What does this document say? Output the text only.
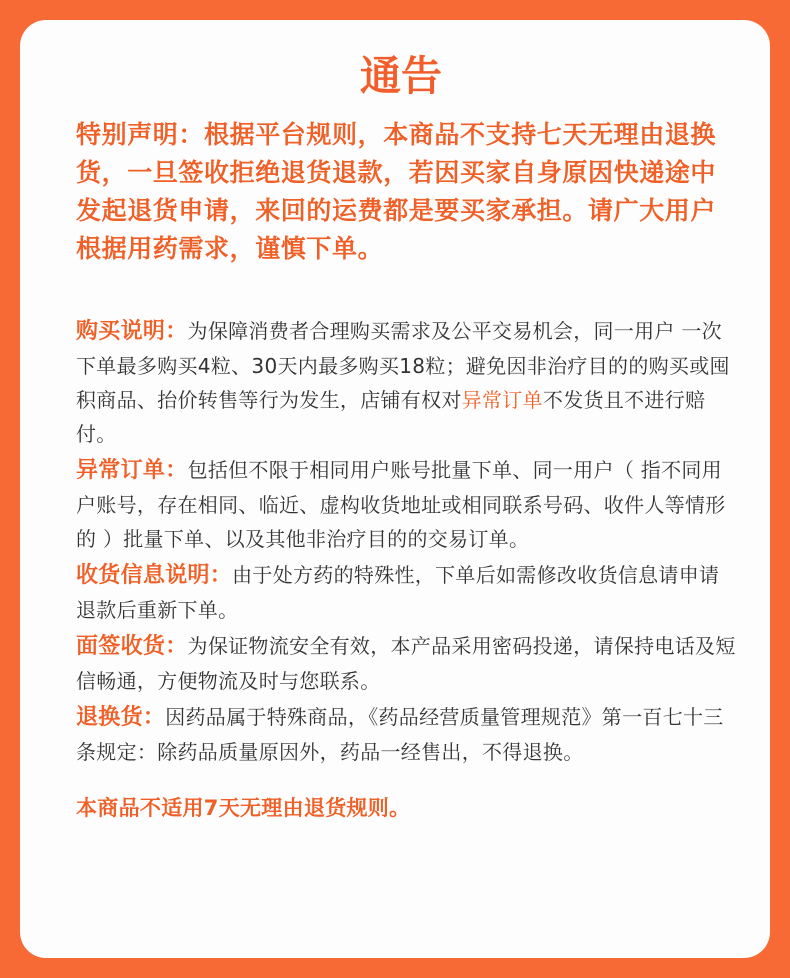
通告

特别声明：根据平台规则，本商品不支持七天无理由退换货，一旦签收拒绝退货退款，若因买家自身原因快递途中发起退货申请，来回的运费都是要买家承担。请广大用户根据用药需求，谨慎下单。

购买说明：为保障消费者合理购买需求及公平交易机会，同一用户 一次下单最多购买4粒、30天内最多购买18粒；避免因非治疗目的的购买或囤积商品、抬价转售等行为发生，店铺有权对异常订单不发货且不进行赔付。

异常订单：包括但不限于相同用户账号批量下单、同一用户（ 指不同用户账号，存在相同、临近、虚构收货地址或相同联系号码、收件人等情形的 ）批量下单、以及其他非治疗目的的交易订单。

收货信息说明：由于处方药的特殊性，下单后如需修改收货信息请申请退款后重新下单。

面签收货：为保证物流安全有效，本产品采用密码投递，请保持电话及短信畅通，方便物流及时与您联系。

退换货：因药品属于特殊商品，《药品经营质量管理规范》第一百七十三条规定：除药品质量原因外，药品一经售出，不得退换。

本商品不适用7天无理由退货规则。
